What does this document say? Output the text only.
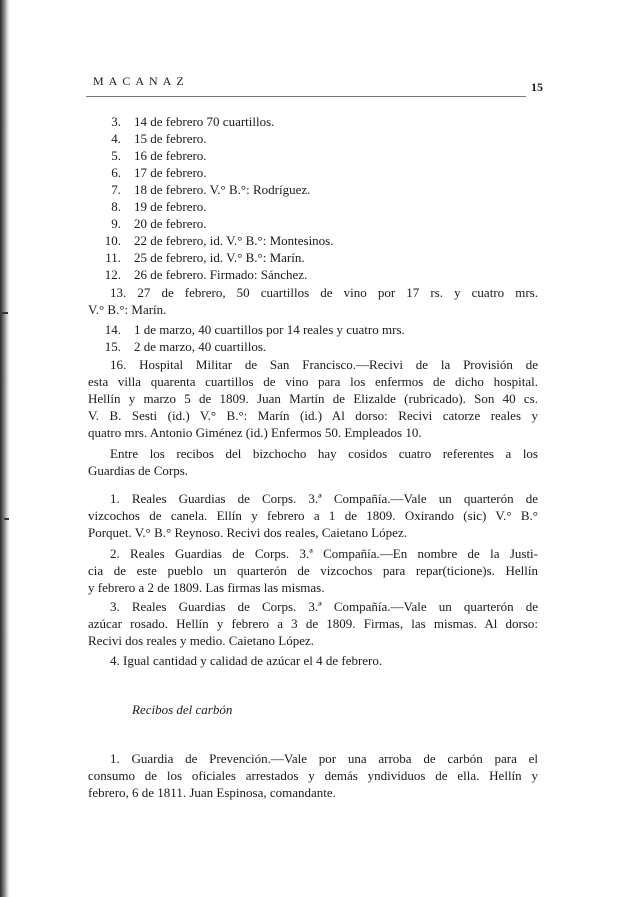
MACANAZ	15
3. 14 de febrero 70 cuartillos.
4. 15 de febrero.
5. 16 de febrero.
6. 17 de febrero.
7. 18 de febrero. V.° B.°: Rodríguez.
8. 19 de febrero.
9. 20 de febrero.
10. 22 de febrero, id. V.° B.°: Montesinos.
11. 25 de febrero, id. V.° B.°: Marín.
12. 26 de febrero. Firmado: Sánchez.
13. 27 de febrero, 50 cuartillos de vino por 17 rs. y cuatro mrs.
V.° B.°: Marín.
14. 1 de marzo, 40 cuartillos por 14 reales y cuatro mrs.
15. 2 de marzo, 40 cuartillos.
16. Hospital Militar de San Francisco.—Recivi de la Provisión de
esta villa quarenta cuartillos de vino para los enfermos de dicho hospital.
Hellín y marzo 5 de 1809. Juan Martín de Elizalde (rubricado). Son 40 cs.
V. B. Sesti (id.) V.° B.°: Marín (id.) Al dorso: Recivi catorze reales y
quatro mrs. Antonio Giménez (id.) Enfermos 50. Empleados 10.
Entre los recibos del bizchocho hay cosidos cuatro referentes a los
Guardias de Corps.
1. Reales Guardias de Corps. 3.ª Compañía.—Vale un quarterón de
vizcochos de canela. Ellín y febrero a 1 de 1809. Oxirando (sic) V.° B.°
Porquet. V.° B.° Reynoso. Recivi dos reales, Caietano López.
2. Reales Guardias de Corps. 3.ª Compañía.—En nombre de la Justi-
cia de este pueblo un quarterón de vizcochos para repar(ticione)s. Hellín
y febrero a 2 de 1809. Las firmas las mismas.
3. Reales Guardias de Corps. 3.ª Compañía.—Vale un quarterón de
azúcar rosado. Hellín y febrero a 3 de 1809. Firmas, las mismas. Al dorso:
Recivi dos reales y medio. Caietano López.
4. Igual cantidad y calidad de azúcar el 4 de febrero.
Recibos del carbón
1. Guardia de Prevención.—Vale por una arroba de carbón para el
consumo de los oficiales arrestados y demás yndividuos de ella. Hellín y
febrero, 6 de 1811. Juan Espinosa, comandante.
